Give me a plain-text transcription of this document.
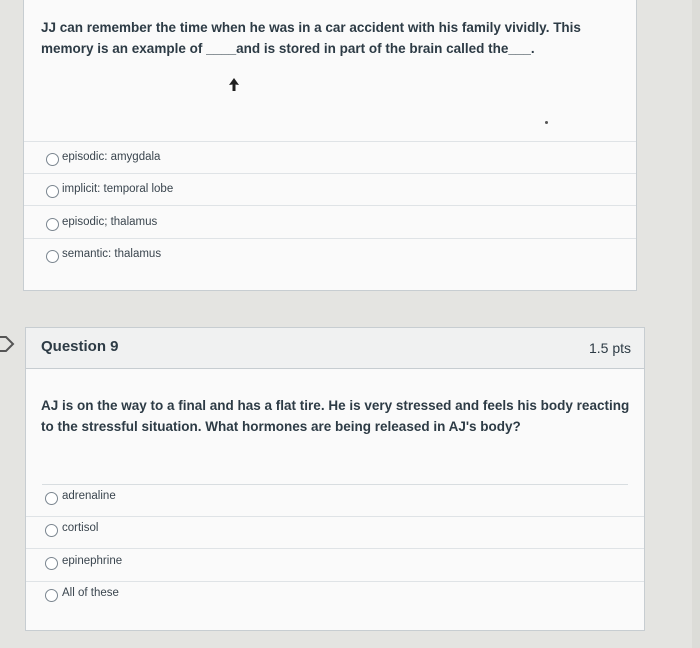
JJ can remember the time when he was in a car accident with his family vividly. This memory is an example of ____and is stored in part of the brain called the___.
episodic: amygdala
implicit: temporal lobe
episodic; thalamus
semantic: thalamus
Question 9	1.5 pts
AJ is on the way to a final and has a flat tire. He is very stressed and feels his body reacting to the stressful situation. What hormones are being released in AJ's body?
adrenaline
cortisol
epinephrine
All of these
